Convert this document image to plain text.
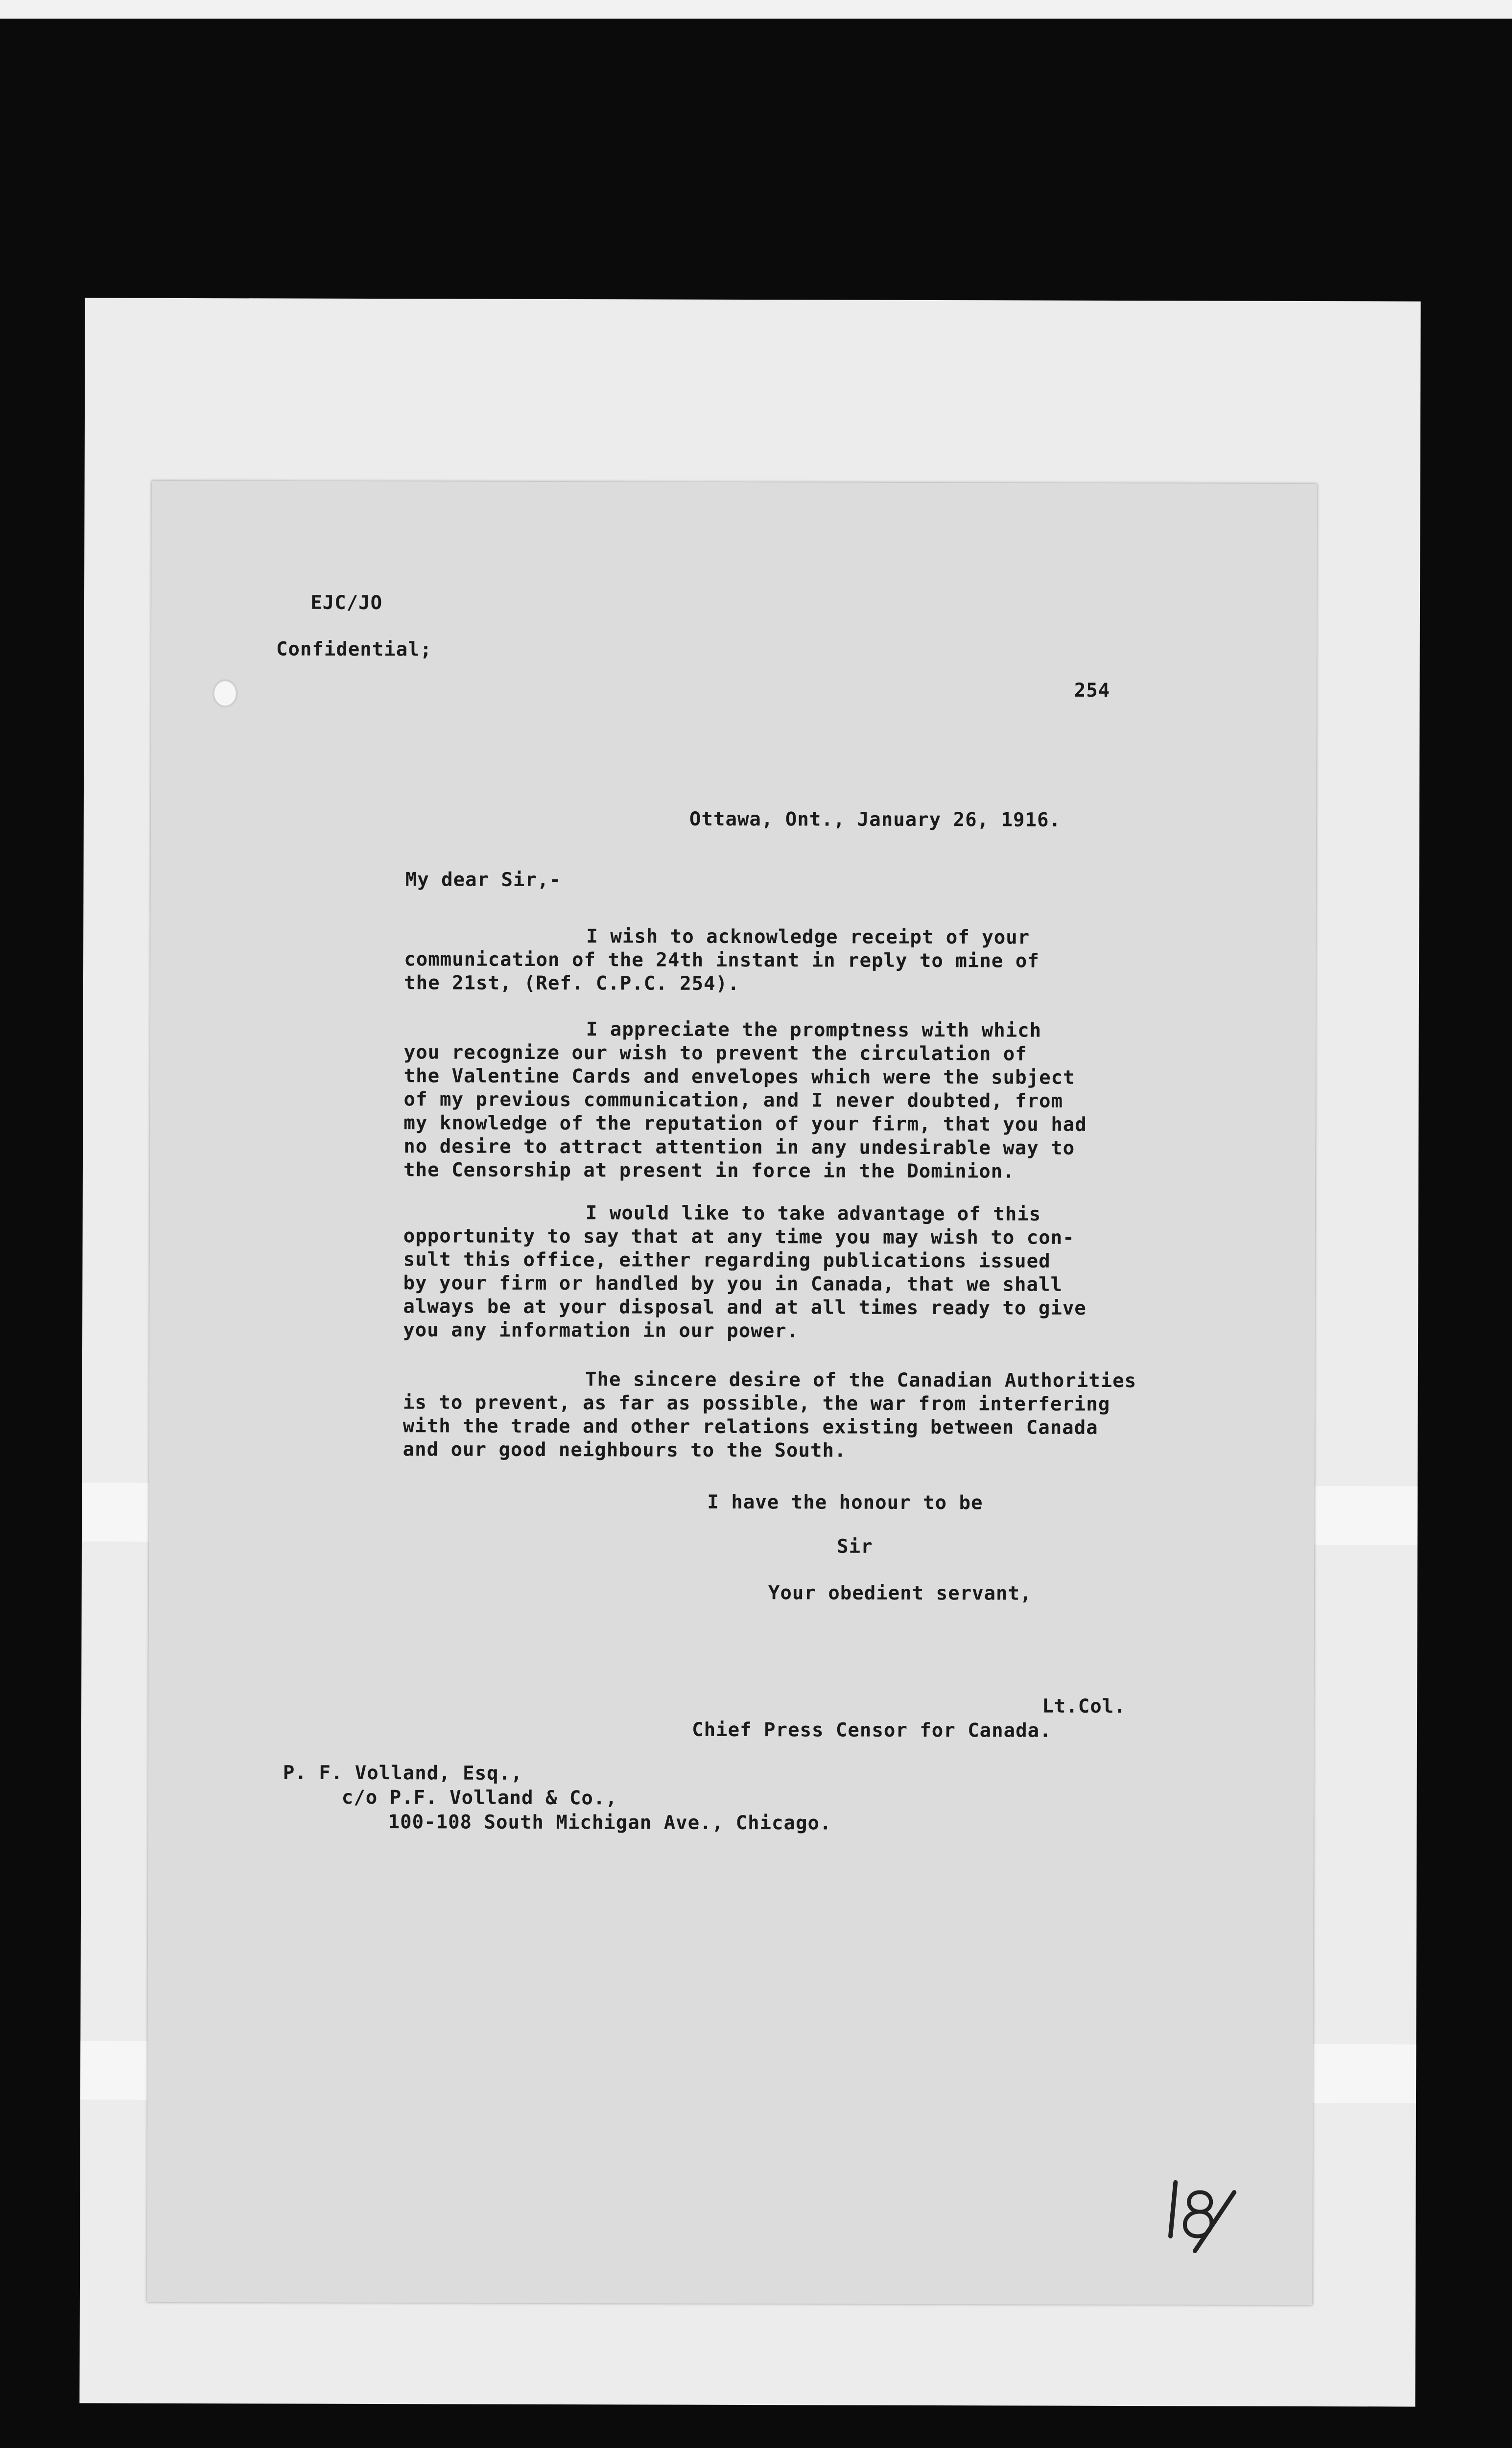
EJC/JO
Confidential;
254
Ottawa, Ont., January 26, 1916.
My dear Sir,-
I wish to acknowledge receipt of your
communication of the 24th instant in reply to mine of
the 21st, (Ref. C.P.C. 254).
I appreciate the promptness with which
you recognize our wish to prevent the circulation of
the Valentine Cards and envelopes which were the subject
of my previous communication, and I never doubted, from
my knowledge of the reputation of your firm, that you had
no desire to attract attention in any undesirable way to
the Censorship at present in force in the Dominion.
I would like to take advantage of this
opportunity to say that at any time you may wish to con-
sult this office, either regarding publications issued
by your firm or handled by you in Canada, that we shall
always be at your disposal and at all times ready to give
you any information in our power.
The sincere desire of the Canadian Authorities
is to prevent, as far as possible, the war from interfering
with the trade and other relations existing between Canada
and our good neighbours to the South.
I have the honour to be
Sir
Your obedient servant,
Lt.Col.
Chief Press Censor for Canada.
P. F. Volland, Esq.,
c/o P.F. Volland & Co.,
100-108 South Michigan Ave., Chicago.
